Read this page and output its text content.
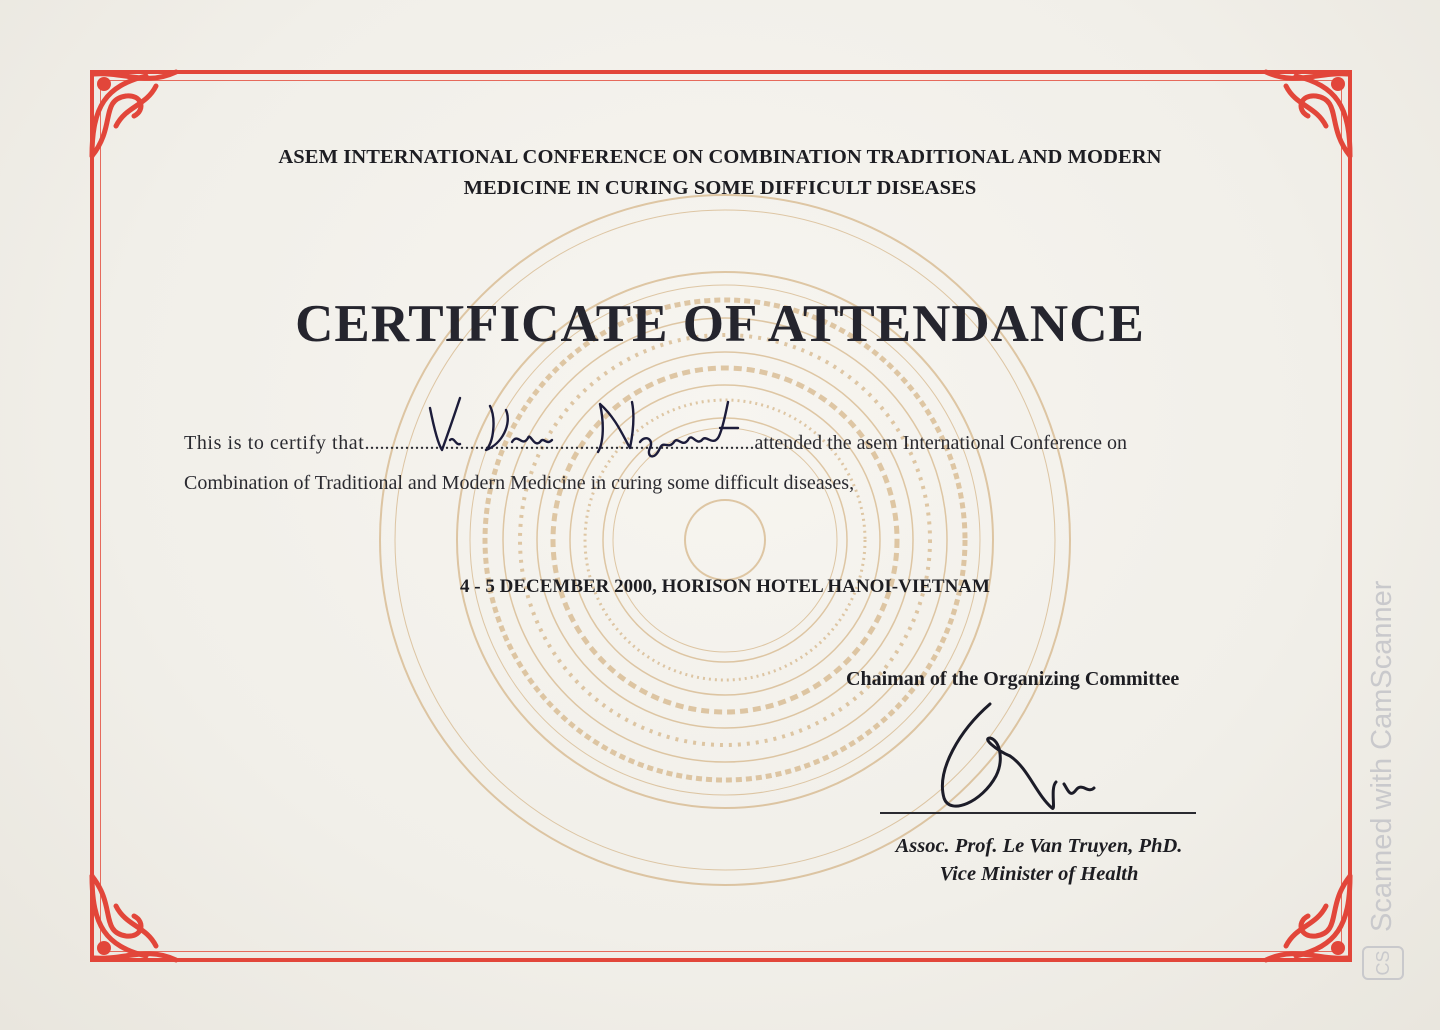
ASEM INTERNATIONAL CONFERENCE ON COMBINATION TRADITIONAL AND MODERN
MEDICINE IN CURING SOME DIFFICULT DISEASES
CERTIFICATE OF ATTENDANCE
This is to certify that..............................................................................attended the asem International Conference on
Combination of Traditional and Modern Medicine in curing some difficult diseases,
4 - 5 DECEMBER 2000, HORISON HOTEL HANOI-VIETNAM
Chaiman of the Organizing Committee
Assoc. Prof. Le Van Truyen, PhD.
Vice Minister of Health	Scanned with CamScanner
CS
